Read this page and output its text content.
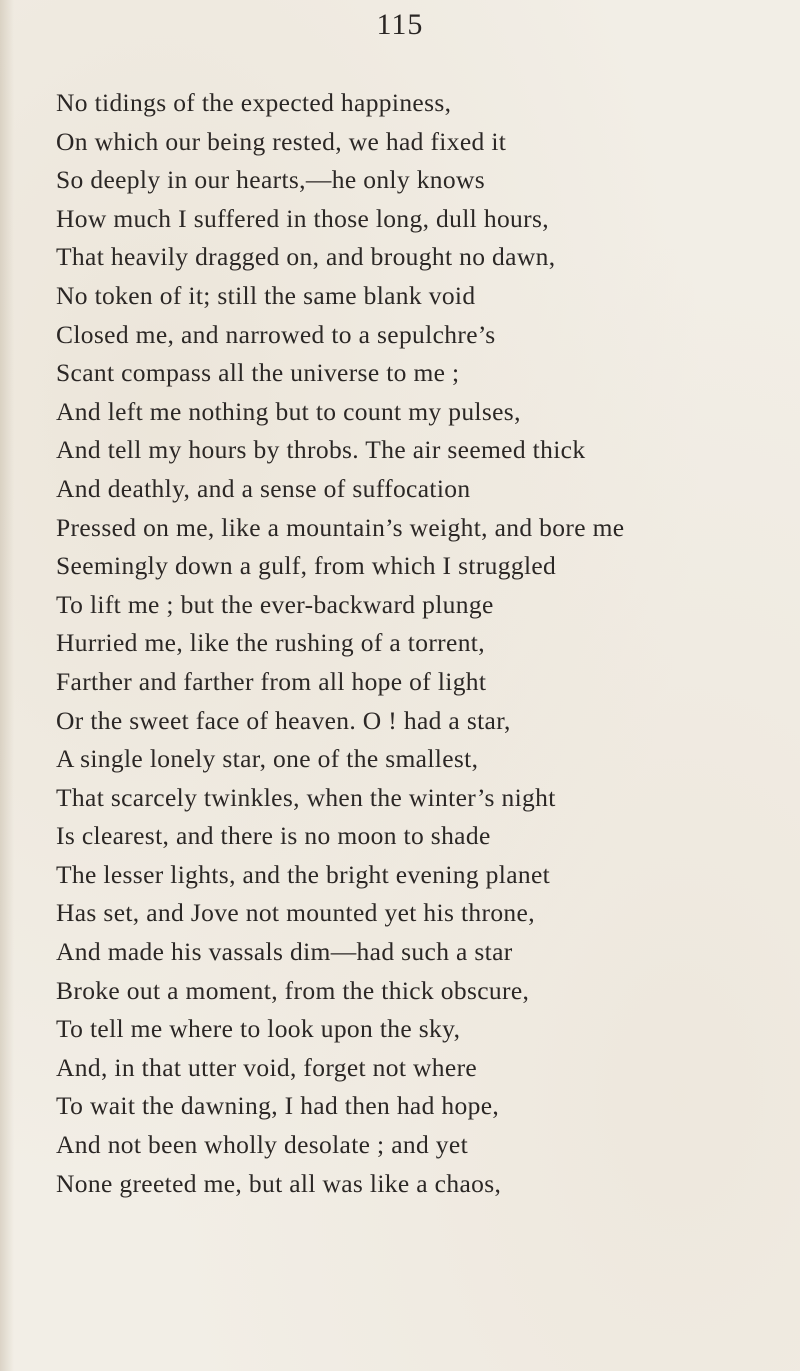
115
No tidings of the expected happiness,
On which our being rested, we had fixed it
So deeply in our hearts,—he only knows
How much I suffered in those long, dull hours,
That heavily dragged on, and brought no dawn,
No token of it; still the same blank void
Closed me, and narrowed to a sepulchre’s
Scant compass all the universe to me ;
And left me nothing but to count my pulses,
And tell my hours by throbs. The air seemed thick
And deathly, and a sense of suffocation
Pressed on me, like a mountain’s weight, and bore me
Seemingly down a gulf, from which I struggled
To lift me ; but the ever-backward plunge
Hurried me, like the rushing of a torrent,
Farther and farther from all hope of light
Or the sweet face of heaven. O ! had a star,
A single lonely star, one of the smallest,
That scarcely twinkles, when the winter’s night
Is clearest, and there is no moon to shade
The lesser lights, and the bright evening planet
Has set, and Jove not mounted yet his throne,
And made his vassals dim—had such a star
Broke out a moment, from the thick obscure,
To tell me where to look upon the sky,
And, in that utter void, forget not where
To wait the dawning, I had then had hope,
And not been wholly desolate ; and yet
None greeted me, but all was like a chaos,
